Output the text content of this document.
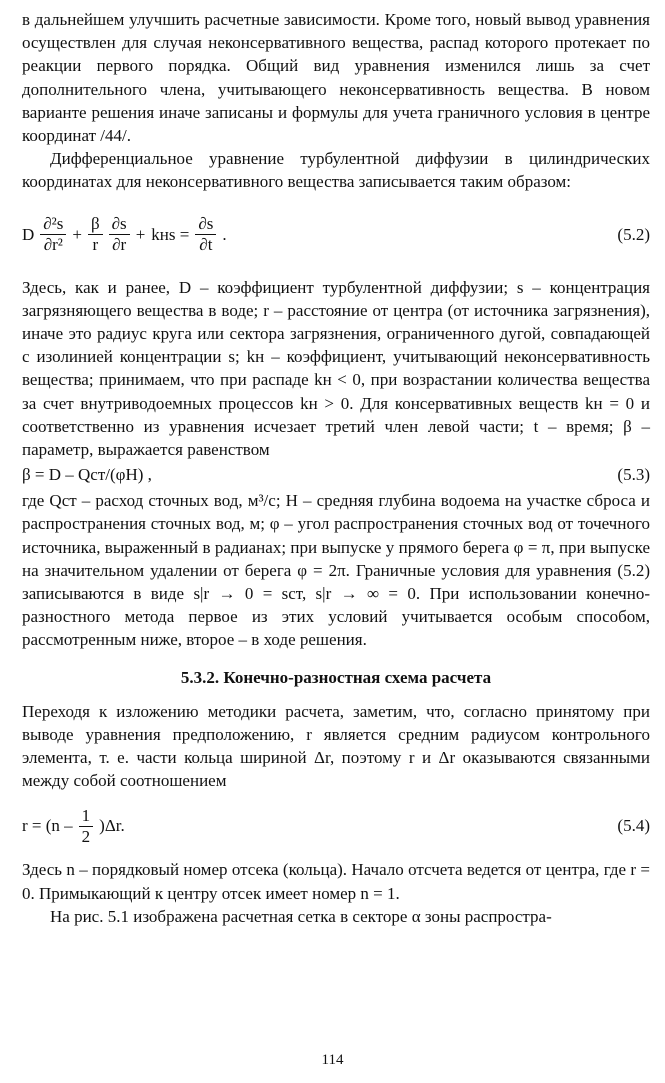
в дальнейшем улучшить расчетные зависимости. Кроме того, новый вывод уравнения осуществлен для случая неконсервативного вещества, распад которого протекает по реакции первого порядка. Общий вид уравнения изменился лишь за счет дополнительного члена, учитывающего неконсервативность вещества. В новом варианте решения иначе записаны и формулы для учета граничного условия в центре координат /44/.

Дифференциальное уравнение турбулентной диффузии в цилиндрических координатах для неконсервативного вещества записывается таким образом:

D $\frac{\text{∂²s}}{\text{∂r²}} + \frac{\beta}{r} \frac{\partial s}{\partial r}$ + kнs = $\frac{\partial s}{\partial t}$ .	(5.2)

Здесь, как и ранее, D – коэффициент турбулентной диффузии; s – концентрация загрязняющего вещества в воде; r – расстояние от центра (от источника загрязнения), иначе это радиус круга или сектора загрязнения, ограниченного дугой, совпадающей с изолинией концентрации s; kн – коэффициент, учитывающий неконсервативность вещества; принимаем, что при распаде kн < 0, при возрастании количества вещества за счет внутриводоемных процессов kн > 0. Для консервативных веществ kн = 0 и соответственно из уравнения исчезает третий член левой части; t – время; β – параметр, выражается равенством

β = D – Qст/(φH) ,	(5.3)

где Qст – расход сточных вод, м³/с; H – средняя глубина водоема на участке сброса и распространения сточных вод, м; φ – угол распространения сточных вод от точечного источника, выраженный в радианах; при выпуске у прямого берега φ = π, при выпуске на значительном удалении от берега φ = 2π. Граничные условия для уравнения (5.2) записываются в виде s|r → 0 = sст, s|r → ∞ = 0. При использовании конечно-разностного метода первое из этих условий учитывается особым способом, рассмотренным ниже, второе – в ходе решения.

5.3.2. Конечно-разностная схема расчета

Переходя к изложению методики расчета, заметим, что, согласно принятому при выводе уравнения предположению, r является средним радиусом контрольного элемента, т. е. части кольца шириной Δr, поэтому r и Δr оказываются связанными между собой соотношением

$r = (n - \frac{1}{2} )\Delta r$.	(5.4)

Здесь n – порядковый номер отсека (кольца). Начало отсчета ведется от центра, где r = 0. Примыкающий к центру отсек имеет номер n = 1.

На рис. 5.1 изображена расчетная сетка в секторе α зоны распростра-

114
